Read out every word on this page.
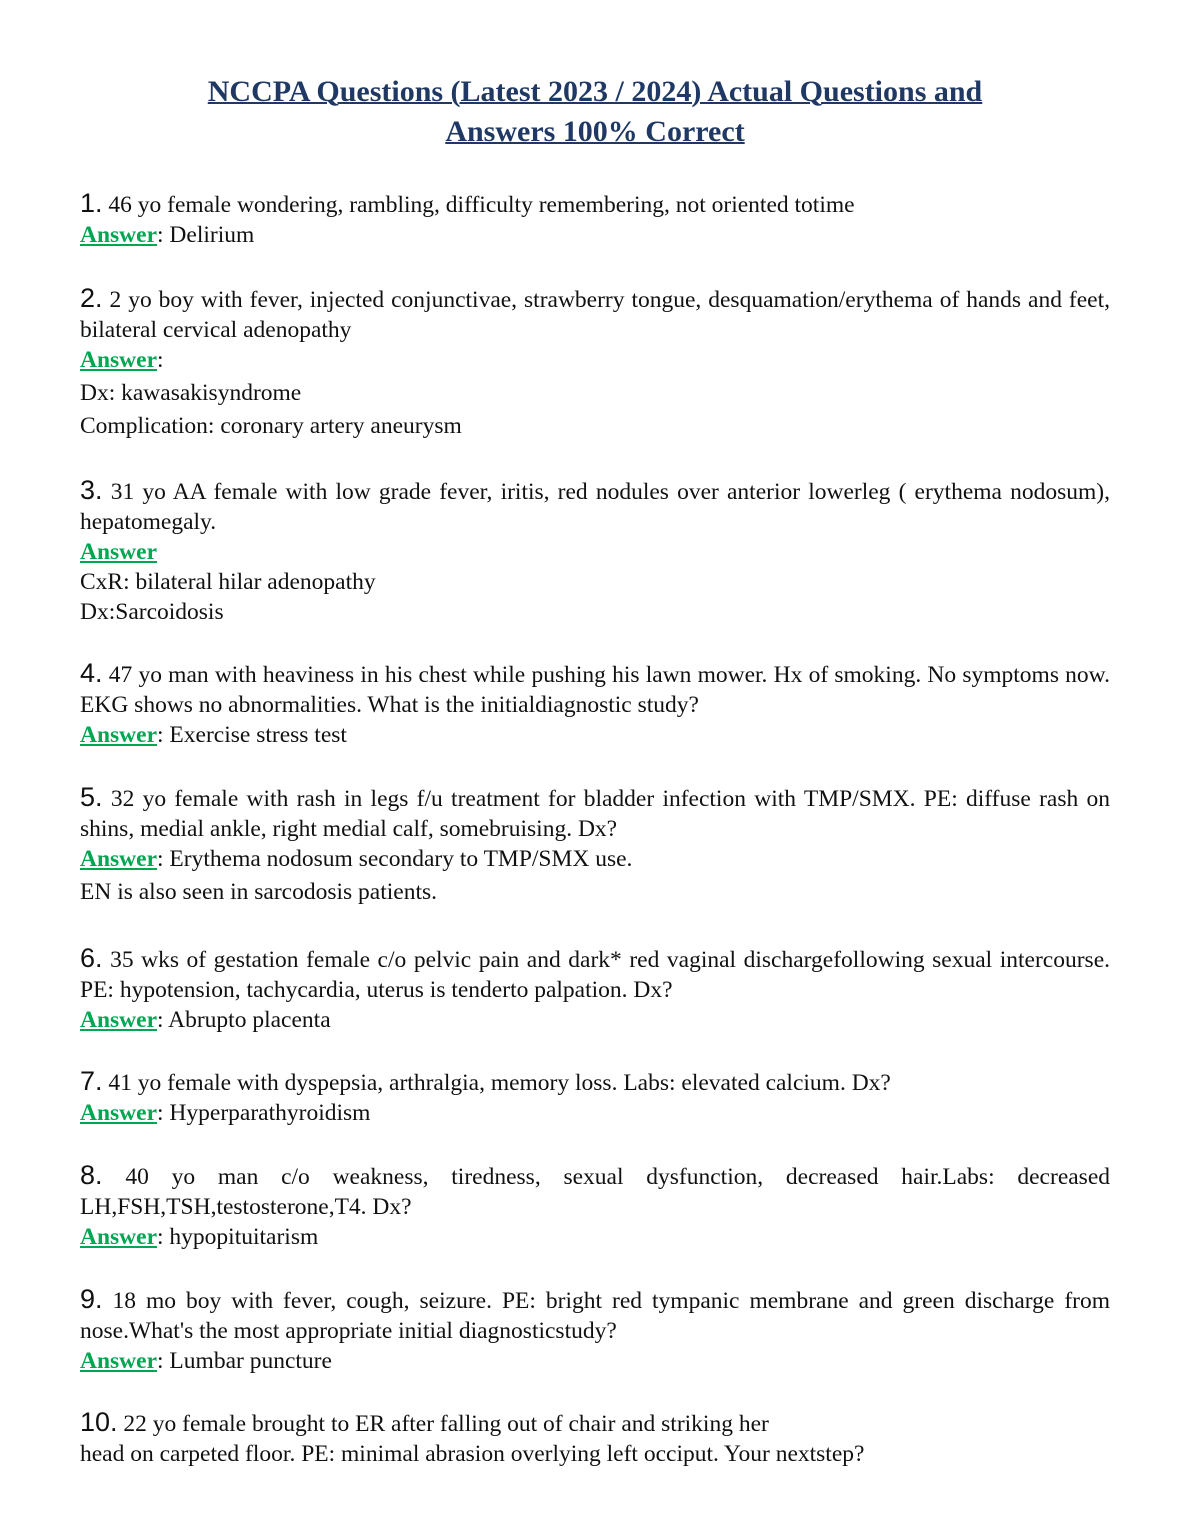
NCCPA Questions (Latest 2023 / 2024) Actual Questions and
Answers 100% Correct
1. 46 yo female wondering, rambling, difficulty remembering, not oriented totime
Answer: Delirium
2. 2 yo boy with fever, injected conjunctivae, strawberry tongue, desquamation/erythema of hands and feet, bilateral cervical adenopathy
Answer:
Dx: kawasakisyndrome
Complication: coronary artery aneurysm
3. 31 yo AA female with low grade fever, iritis, red nodules over anterior lowerleg ( erythema nodosum), hepatomegaly.
Answer
CxR: bilateral hilar adenopathy
Dx:Sarcoidosis
4. 47 yo man with heaviness in his chest while pushing his lawn mower. Hx of smoking. No symptoms now. EKG shows no abnormalities. What is the initialdiagnostic study?
Answer: Exercise stress test
5. 32 yo female with rash in legs f/u treatment for bladder infection with TMP/SMX. PE: diffuse rash on shins, medial ankle, right medial calf, somebruising. Dx?
Answer: Erythema nodosum secondary to TMP/SMX use.
EN is also seen in sarcodosis patients.
6. 35 wks of gestation female c/o pelvic pain and dark* red vaginal dischargefollowing sexual intercourse. PE: hypotension, tachycardia, uterus is tenderto palpation. Dx?
Answer: Abrupto placenta
7. 41 yo female with dyspepsia, arthralgia, memory loss. Labs: elevated calcium. Dx?
Answer: Hyperparathyroidism
8. 40 yo man c/o weakness, tiredness, sexual dysfunction, decreased hair.Labs: decreased LH,FSH,TSH,testosterone,T4. Dx?
Answer: hypopituitarism
9. 18 mo boy with fever, cough, seizure. PE: bright red tympanic membrane and green discharge from nose.What's the most appropriate initial diagnosticstudy?
Answer: Lumbar puncture
10. 22 yo female brought to ER after falling out of chair and striking her
head on carpeted floor. PE: minimal abrasion overlying left occiput. Your nextstep?
